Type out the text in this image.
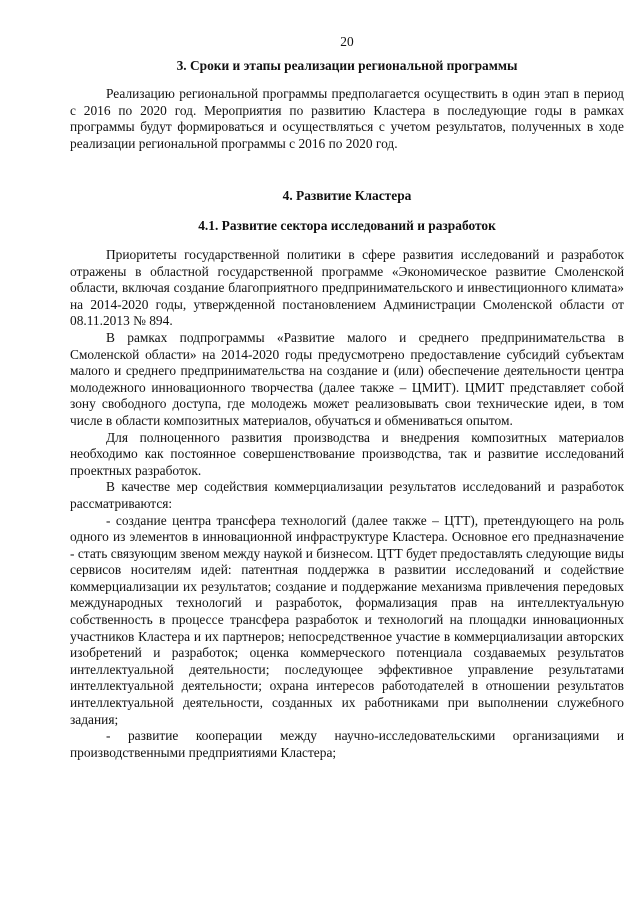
20
3. Сроки и этапы реализации региональной программы

Реализацию региональной программы предполагается осуществить в один этап в период с 2016 по 2020 год. Мероприятия по развитию Кластера в последующие годы в рамках программы будут формироваться и осуществляться с учетом результатов, полученных в ходе реализации региональной программы с 2016 по 2020 год.

4. Развитие Кластера
4.1. Развитие сектора исследований и разработок

Приоритеты государственной политики в сфере развития исследований и разработок отражены в областной государственной программе «Экономическое развитие Смоленской области, включая создание благоприятного предпринимательского и инвестиционного климата» на 2014-2020 годы, утвержденной постановлением Администрации Смоленской области от 08.11.2013 № 894.

В рамках подпрограммы «Развитие малого и среднего предпринимательства в Смоленской области» на 2014-2020 годы предусмотрено предоставление субсидий субъектам малого и среднего предпринимательства на создание и (или) обеспечение деятельности центра молодежного инновационного творчества (далее также – ЦМИТ). ЦМИТ представляет собой зону свободного доступа, где молодежь может реализовывать свои технические идеи, в том числе в области композитных материалов, обучаться и обмениваться опытом.

Для полноценного развития производства и внедрения композитных материалов необходимо как постоянное совершенствование производства, так и развитие исследований проектных разработок.

В качестве мер содействия коммерциализации результатов исследований и разработок рассматриваются:

- создание центра трансфера технологий (далее также – ЦТТ), претендующего на роль одного из элементов в инновационной инфраструктуре Кластера. Основное его предназначение - стать связующим звеном между наукой и бизнесом. ЦТТ будет предоставлять следующие виды сервисов носителям идей: патентная поддержка в развитии исследований и содействие коммерциализации их результатов; создание и поддержание механизма привлечения передовых международных технологий и разработок, формализация прав на интеллектуальную собственность в процессе трансфера разработок и технологий на площадки инновационных участников Кластера и их партнеров; непосредственное участие в коммерциализации авторских изобретений и разработок; оценка коммерческого потенциала создаваемых результатов интеллектуальной деятельности; последующее эффективное управление результатами интеллектуальной деятельности; охрана интересов работодателей в отношении результатов интеллектуальной деятельности, созданных их работниками при выполнении служебного задания;

- развитие кооперации между научно-исследовательскими организациями и производственными предприятиями Кластера;
